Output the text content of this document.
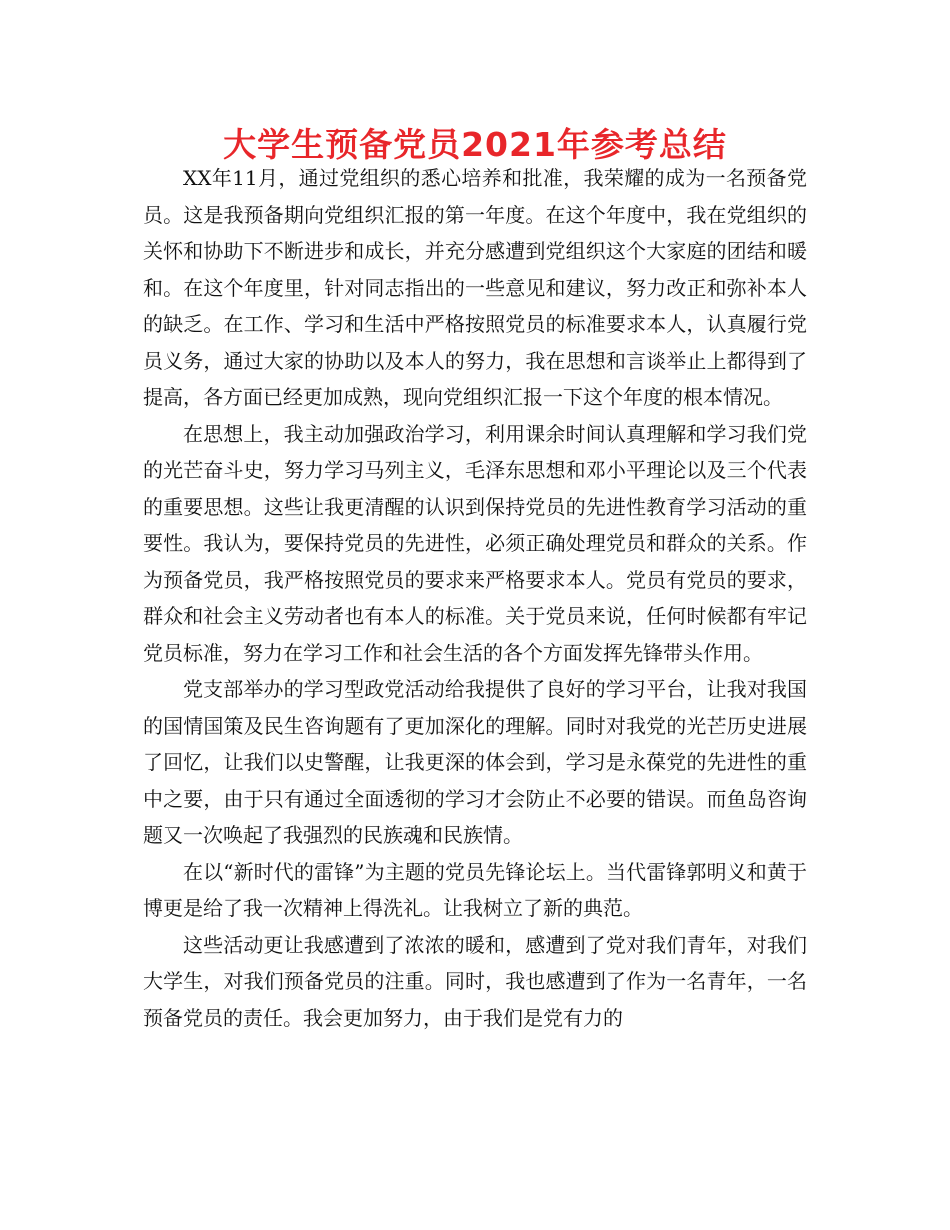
大学生预备党员2021年参考总结

XX年11月，通过党组织的悉心培养和批准，我荣耀的成为一名预备党员。这是我预备期向党组织汇报的第一年度。在这个年度中，我在党组织的关怀和协助下不断进步和成长，并充分感遭到党组织这个大家庭的团结和暖和。在这个年度里，针对同志指出的一些意见和建议，努力改正和弥补本人的缺乏。在工作、学习和生活中严格按照党员的标准要求本人，认真履行党员义务，通过大家的协助以及本人的努力，我在思想和言谈举止上都得到了提高，各方面已经更加成熟，现向党组织汇报一下这个年度的根本情况。

在思想上，我主动加强政治学习，利用课余时间认真理解和学习我们党的光芒奋斗史，努力学习马列主义，毛泽东思想和邓小平理论以及三个代表的重要思想。这些让我更清醒的认识到保持党员的先进性教育学习活动的重要性。我认为，要保持党员的先进性，必须正确处理党员和群众的关系。作为预备党员，我严格按照党员的要求来严格要求本人。党员有党员的要求，群众和社会主义劳动者也有本人的标准。关于党员来说，任何时候都有牢记党员标准，努力在学习工作和社会生活的各个方面发挥先锋带头作用。

党支部举办的学习型政党活动给我提供了良好的学习平台，让我对我国的国情国策及民生咨询题有了更加深化的理解。同时对我党的光芒历史进展了回忆，让我们以史警醒，让我更深的体会到，学习是永葆党的先进性的重中之要，由于只有通过全面透彻的学习才会防止不必要的错误。而鱼岛咨询题又一次唤起了我强烈的民族魂和民族情。

在以“新时代的雷锋”为主题的党员先锋论坛上。当代雷锋郭明义和黄于博更是给了我一次精神上得洗礼。让我树立了新的典范。

这些活动更让我感遭到了浓浓的暖和，感遭到了党对我们青年，对我们大学生，对我们预备党员的注重。同时，我也感遭到了作为一名青年，一名预备党员的责任。我会更加努力，由于我们是党有力的
